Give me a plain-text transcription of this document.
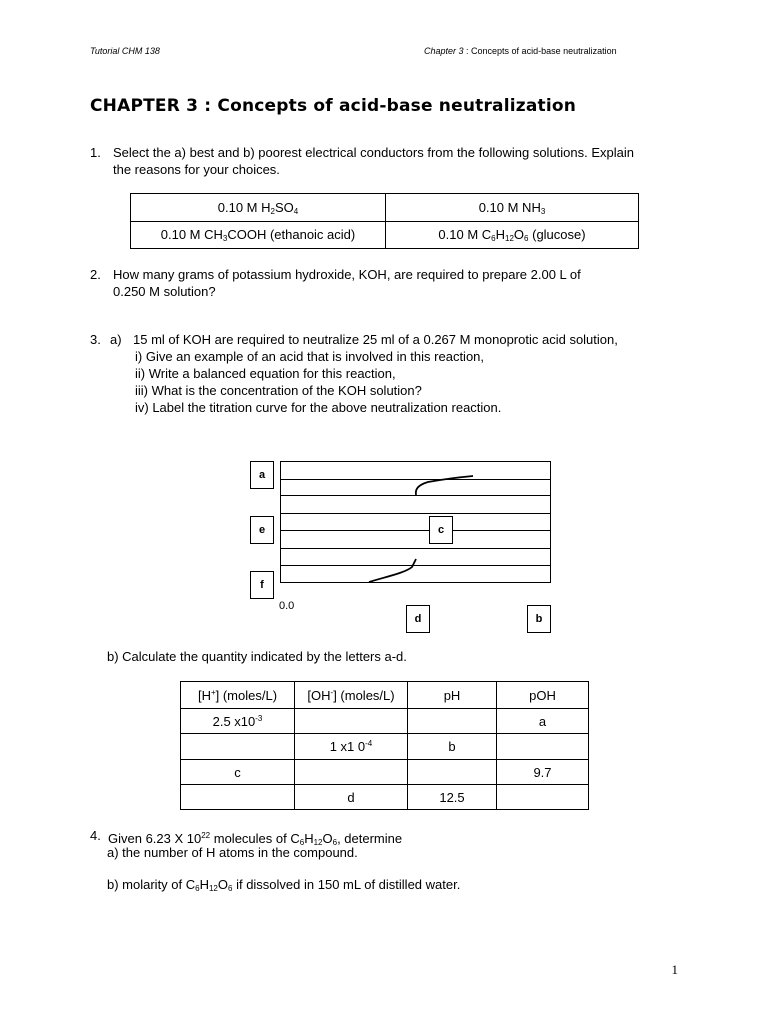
Tutorial CHM 138	Chapter 3 : Concepts of acid-base neutralization
CHAPTER 3 : Concepts of acid-base neutralization
1. Select the a) best and b) poorest electrical conductors from the following solutions. Explain
the reasons for your choices.
0.10 M $H_2SO_4$	0.10 M $NH_3$
0.10 M $CH_3COOH$ (ethanoic acid)	0.10 M $C_6H_{12}O_6$ (glucose)
2. How many grams of potassium hydroxide, KOH, are required to prepare 2.00 L of
0.250 M solution?
3. a) 15 ml of KOH are required to neutralize 25 ml of a 0.267 M monoprotic acid solution,
i) Give an example of an acid that is involved in this reaction,
ii) Write a balanced equation for this reaction,
iii) What is the concentration of the KOH solution?
iv) Label the titration curve for the above neutralization reaction.
a
e	c
f
0.0
d	b
b) Calculate the quantity indicated by the letters a-d.
[H+] (moles/L)	[OH-] (moles/L)	pH	pOH
2.5 $x10^{-3}$			a
	1 x1 $0^{-4}$	b	
c			9.7
	d	12.5	
4. Given 6.23 X $10^{22}$ molecules of $C_6H_{12}O_6$, determine
a) the number of H atoms in the compound.
b) molarity of $C_6H_{12}O_6$ if dissolved in 150 mL of distilled water.
1
